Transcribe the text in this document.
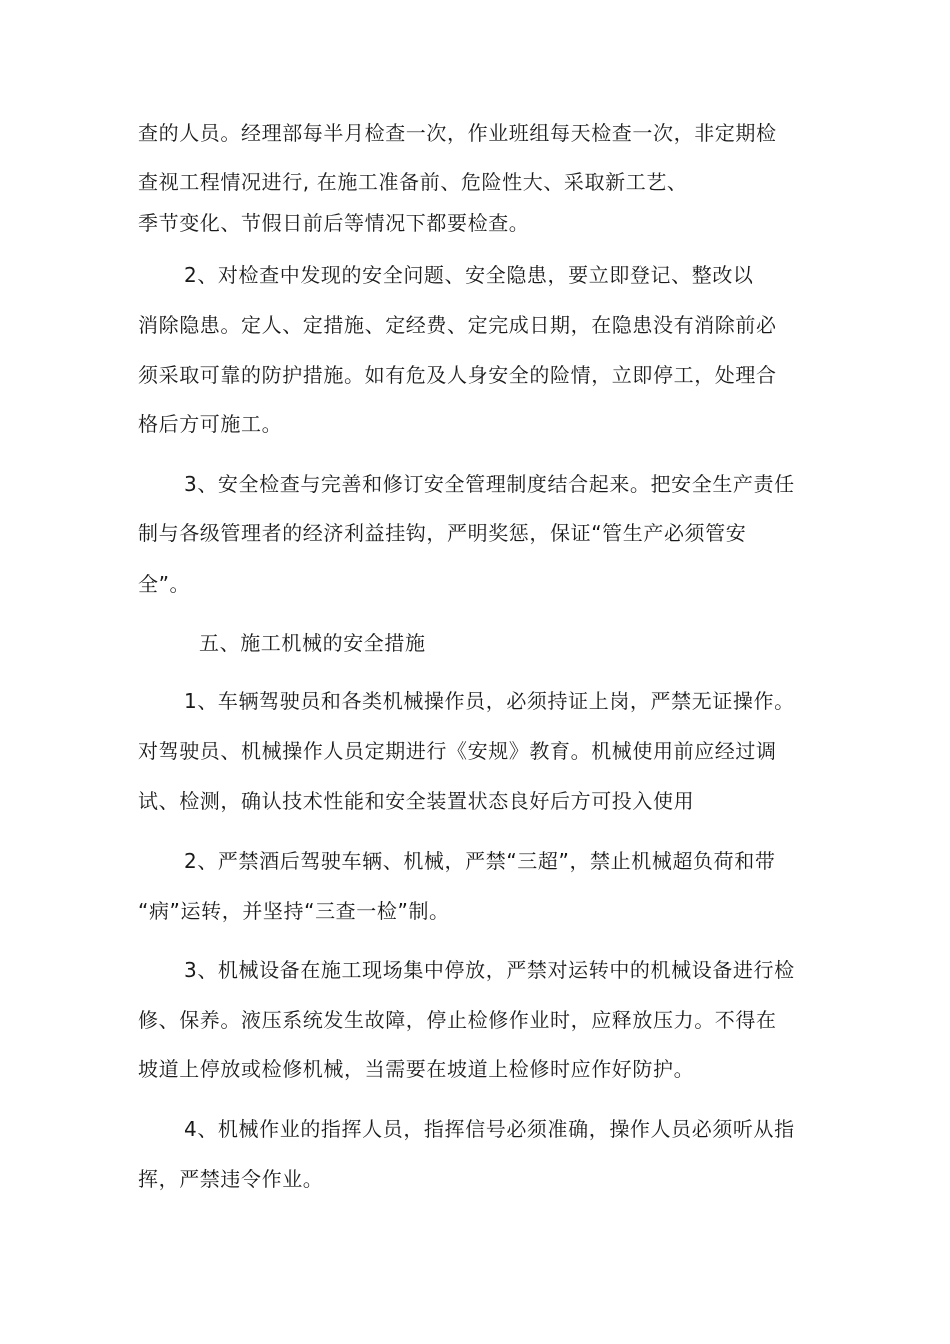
查的人员。经理部每半月检查一次，作业班组每天检查一次，非定期检
查视工程情况进行, 在施工准备前、危险性大、采取新工艺、
季节变化、节假日前后等情况下都要检查。
2、对检查中发现的安全问题、安全隐患，要立即登记、整改以
消除隐患。定人、定措施、定经费、定完成日期，在隐患没有消除前必
须采取可靠的防护措施。如有危及人身安全的险情，立即停工，处理合
格后方可施工。
3、安全检查与完善和修订安全管理制度结合起来。把安全生产责任
制与各级管理者的经济利益挂钩，严明奖惩，保证“管生产必须管安
全”。
五、施工机械的安全措施
1、车辆驾驶员和各类机械操作员，必须持证上岗，严禁无证操作。
对驾驶员、机械操作人员定期进行《安规》教育。机械使用前应经过调
试、检测，确认技术性能和安全装置状态良好后方可投入使用
2、严禁酒后驾驶车辆、机械，严禁“三超”，禁止机械超负荷和带
“病”运转，并坚持“三查一检”制。
3、机械设备在施工现场集中停放，严禁对运转中的机械设备进行检
修、保养。液压系统发生故障，停止检修作业时，应释放压力。不得在
坡道上停放或检修机械，当需要在坡道上检修时应作好防护。
4、机械作业的指挥人员，指挥信号必须准确，操作人员必须听从指
挥，严禁违令作业。
